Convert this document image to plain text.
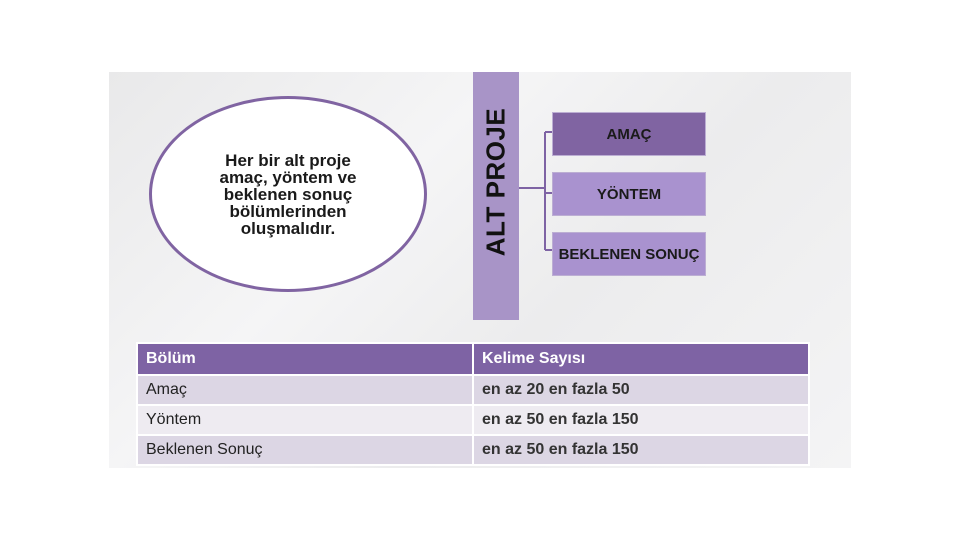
Her bir alt proje amaç, yöntem ve beklenen sonuç bölümlerinden oluşmalıdır.	ALT PROJE	AMAÇ
YÖNTEM
BEKLENEN SONUÇ
Bölüm	Kelime Sayısı
Amaç	en az 20 en fazla 50
Yöntem	en az 50 en fazla 150
Beklenen Sonuç	en az 50 en fazla 150
